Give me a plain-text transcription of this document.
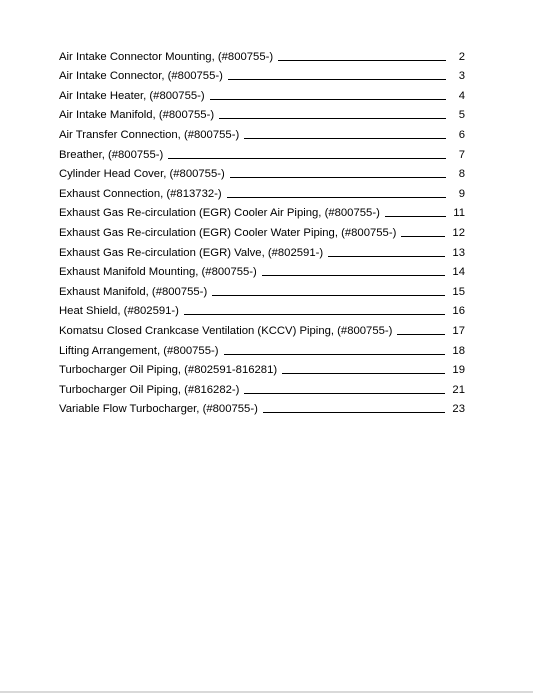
Air Intake Connector Mounting, (#800755-)	2
Air Intake Connector, (#800755-)	3
Air Intake Heater, (#800755-)	4
Air Intake Manifold, (#800755-)	5
Air Transfer Connection, (#800755-)	6
Breather, (#800755-)	7
Cylinder Head Cover, (#800755-)	8
Exhaust Connection, (#813732-)	9
Exhaust Gas Re-circulation (EGR) Cooler Air Piping, (#800755-)	11
Exhaust Gas Re-circulation (EGR) Cooler Water Piping, (#800755-)	12
Exhaust Gas Re-circulation (EGR) Valve, (#802591-)	13
Exhaust Manifold Mounting, (#800755-)	14
Exhaust Manifold, (#800755-)	15
Heat Shield, (#802591-)	16
Komatsu Closed Crankcase Ventilation (KCCV) Piping, (#800755-)	17
Lifting Arrangement, (#800755-)	18
Turbocharger Oil Piping, (#802591-816281)	19
Turbocharger Oil Piping, (#816282-)	21
Variable Flow Turbocharger, (#800755-)	23
